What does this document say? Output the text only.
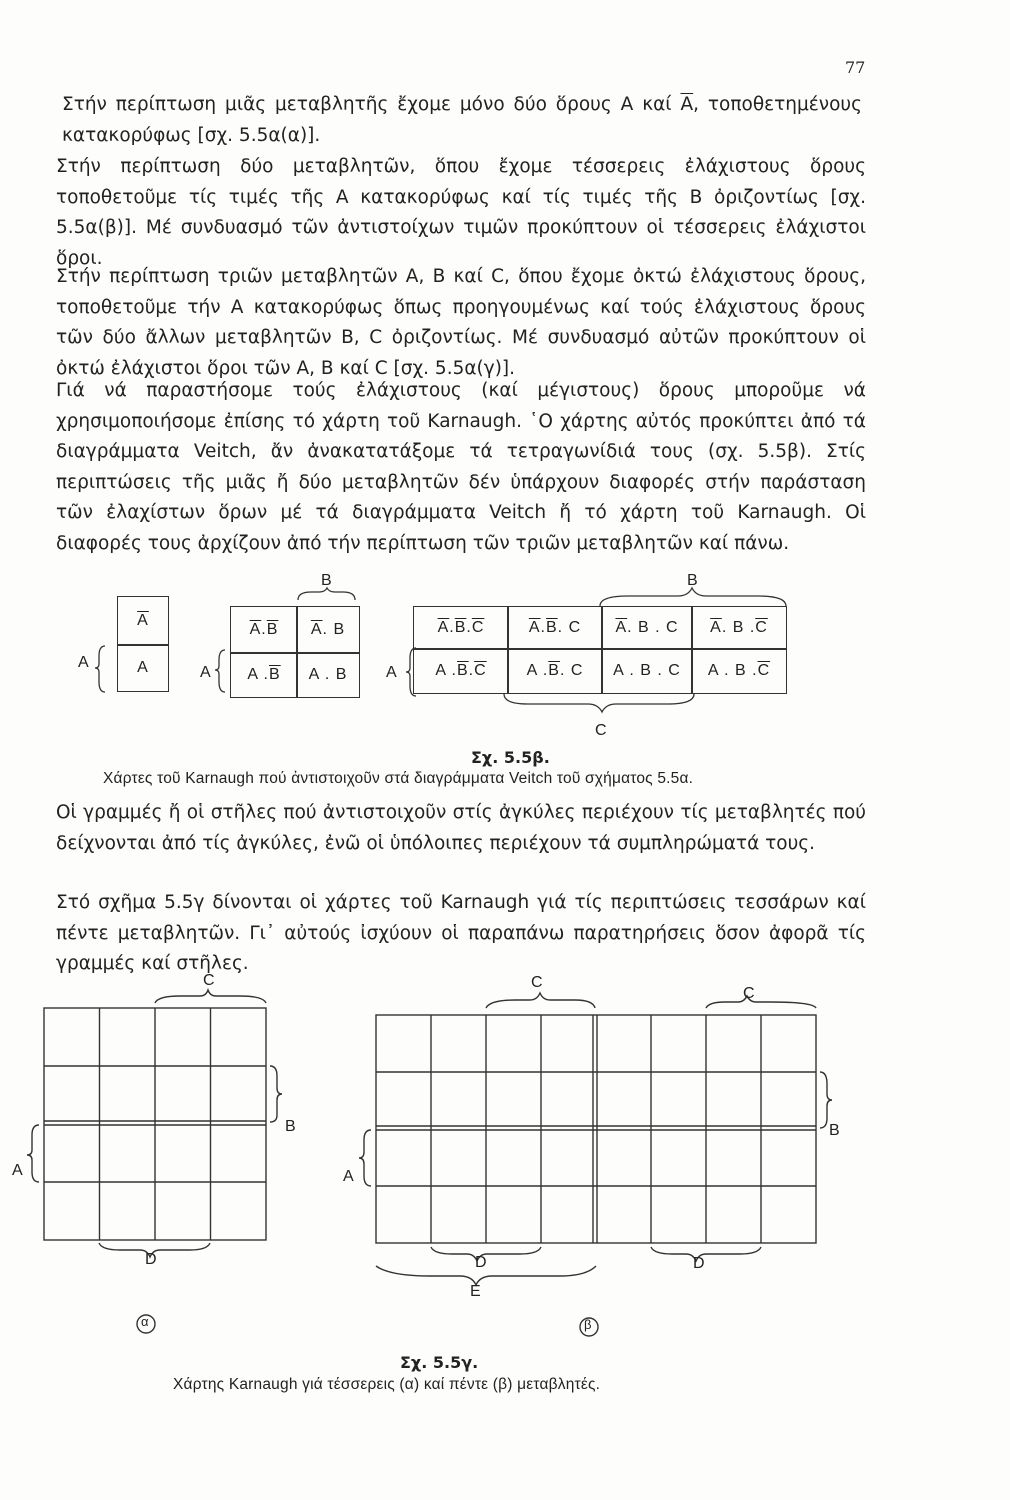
77

Στήν περίπτωση μιᾶς μεταβλητῆς ἔχομε μόνο δύο ὅρους A καί $\overline{A}$, τοποθετημένους κατακορύφως [σχ. 5.5α(α)].

Στήν περίπτωση δύο μεταβλητῶν, ὅπου ἔχομε τέσσερεις ἐλάχιστους ὅρους τοποθετοῦμε τίς τιμές τῆς A κατακορύφως καί τίς τιμές τῆς B ὀριζοντίως [σχ. 5.5α(β)]. Μέ συνδυασμό τῶν ἀντιστοίχων τιμῶν προκύπτουν οἱ τέσσερεις ἐλάχιστοι ὅροι.

Στήν περίπτωση τριῶν μεταβλητῶν A, B καί C, ὅπου ἔχομε ὀκτώ ἐλάχιστους ὅρους, τοποθετοῦμε τήν A κατακορύφως ὅπως προηγουμένως καί τούς ἐλάχιστους ὅρους τῶν δύο ἄλλων μεταβλητῶν B, C ὀριζοντίως. Μέ συνδυασμό αὐτῶν προκύπτουν οἱ ὀκτώ ἐλάχιστοι ὅροι τῶν A, B καί C [σχ. 5.5α(γ)].

Γιά νά παραστήσομε τούς ἐλάχιστους (καί μέγιστους) ὅρους μποροῦμε νά χρησιμοποιήσομε ἐπίσης τό χάρτη τοῦ Karnaugh. ῾Ο χάρτης αὐτός προκύπτει ἀπό τά διαγράμματα Veitch, ἄν ἀνακατατάξομε τά τετραγωνίδιά τους (σχ. 5.5β). Στίς περιπτώσεις τῆς μιᾶς ἤ δύο μεταβλητῶν δέν ὑπάρχουν διαφορές στήν παράσταση τῶν ἐλαχίστων ὅρων μέ τά διαγράμματα Veitch ἤ τό χάρτη τοῦ Karnaugh. Οἱ διαφορές τους ἀρχίζουν ἀπό τήν περίπτωση τῶν τριῶν μεταβλητῶν καί πάνω.

$\overline{A}$
A
A
B
$\overline{A}$ . $\overline{B}$ $\overline{A}$ . B
A . $\overline{B}$ A . B
A
B
$\overline{A}$ . $\overline{B}$ . $\overline{C}$	$\overline{A}$ . $\overline{B}$ . C $\overline{A}$ . B . C $\overline{A}$ . B . $\overline{C}$
A . $\overline{B}$ . $\overline{C}$ A . $\overline{B}$ . C A . B . C A . B . $\overline{C}$
A
C
Σχ. 5.5β.
Χάρτες τοῦ Karnaugh πού ἀντιστοιχοῦν στά διαγράμματα Veitch τοῦ σχήματος 5.5α.

Οἱ γραμμές ἤ οἱ στῆλες πού ἀντιστοιχοῦν στίς ἀγκύλες περιέχουν τίς μεταβλητές πού δείχνονται ἀπό τίς ἀγκύλες, ἐνῶ οἱ ὑπόλοιπες περιέχουν τά συμπληρώματά τους.

Στό σχῆμα 5.5γ δίνονται οἱ χάρτες τοῦ Karnaugh γιά τίς περιπτώσεις τεσσάρων καί πέντε μεταβλητῶν. Γι᾽ αὐτούς ἰσχύουν οἱ παραπάνω παρατηρήσεις ὅσον ἀφορᾶ τίς γραμμές καί στῆλες.

C
B
A
D
α
C
C
B
A
D	D
E
β
Σχ. 5.5γ.
Χάρτης Karnaugh γιά τέσσερεις (α) καί πέντε (β) μεταβλητές.
